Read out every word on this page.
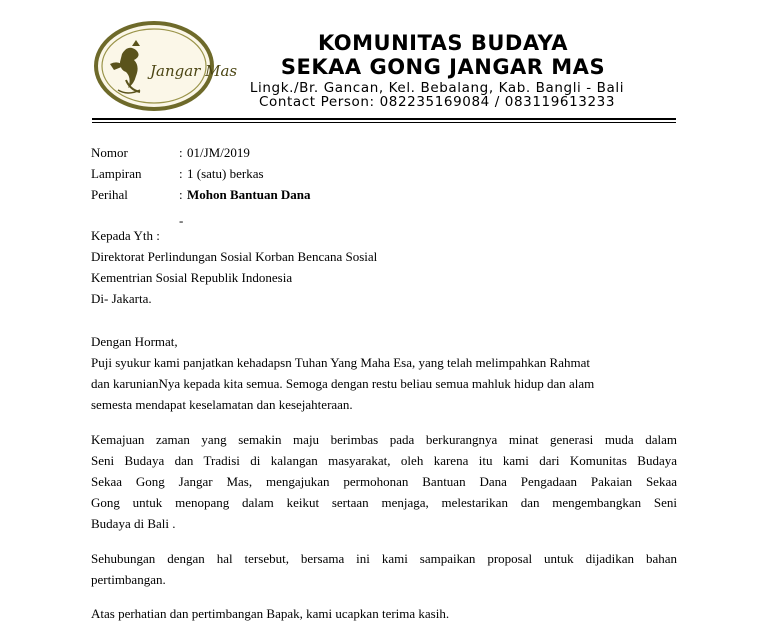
Jangar Mas
KOMUNITAS BUDAYA
SEKAA GONG JANGAR MAS
Lingk./Br. Gancan, Kel. Bebalang, Kab. Bangli - Bali
Contact Person: 082235169084 / 083119613233
Nomor	: 01/JM/2019
Lampiran	: 1 (satu) berkas
Perihal	: Mohon Bantuan Dana
-
Kepada Yth :
Direktorat Perlindungan Sosial Korban Bencana Sosial
Kementrian Sosial Republik Indonesia
Di- Jakarta.
Dengan Hormat,
Puji syukur kami panjatkan kehadapsn Tuhan Yang Maha Esa, yang telah melimpahkan Rahmat
dan karunianNya kepada kita semua. Semoga dengan restu beliau semua mahluk hidup dan alam
semesta mendapat keselamatan dan kesejahteraan.
Kemajuan zaman yang semakin maju berimbas pada berkurangnya minat generasi muda dalam
Seni Budaya dan Tradisi di kalangan masyarakat, oleh karena itu kami dari Komunitas Budaya
Sekaa Gong Jangar Mas, mengajukan permohonan Bantuan Dana Pengadaan Pakaian Sekaa
Gong untuk menopang dalam keikut sertaan menjaga, melestarikan dan mengembangkan Seni
Budaya di Bali .
Sehubungan dengan hal tersebut, bersama ini kami sampaikan proposal untuk dijadikan bahan
pertimbangan.
Atas perhatian dan pertimbangan Bapak, kami ucapkan terima kasih.
